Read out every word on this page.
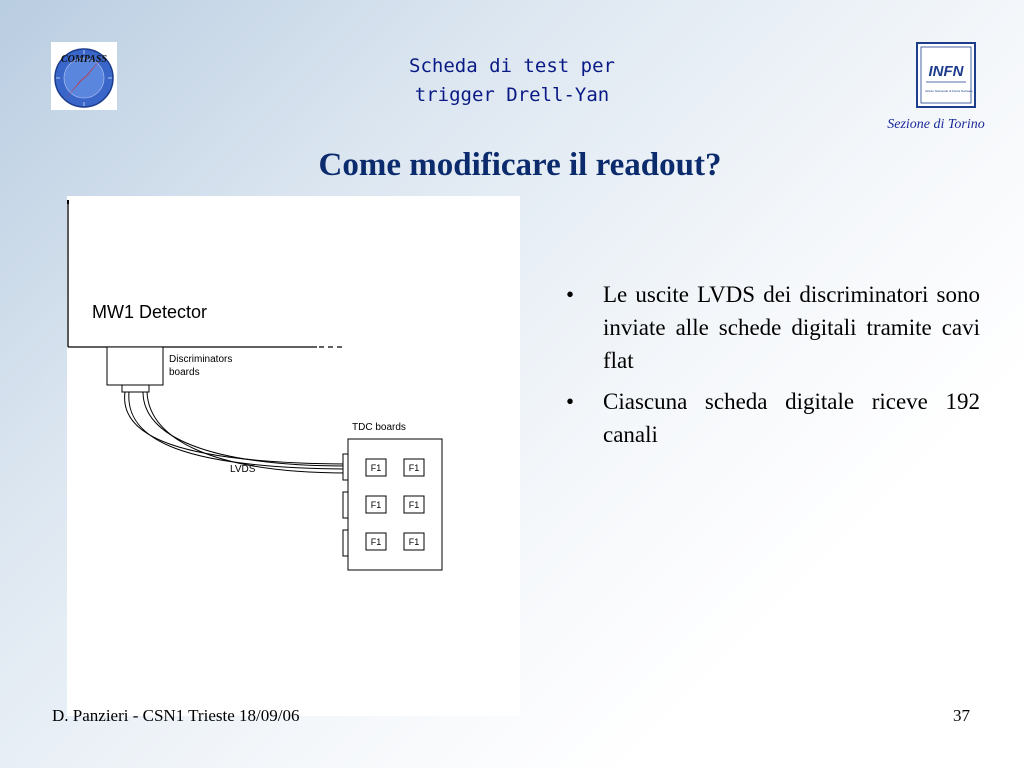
COMPASS	Scheda di test per
trigger Drell-Yan
INFN
Istituto Nazionale di Fisica Nucleare
Sezione di Torino
Come modificare il readout?
MW1 Detector
Discriminators
boards
LVDS
TDC boards
F1	F1
F1	F1
F1	F1
• Le uscite LVDS dei discriminatori sono inviate alle schede digitali tramite cavi flat
• Ciascuna scheda digitale riceve 192 canali
D. Panzieri - CSN1 Trieste 18/09/06	37
